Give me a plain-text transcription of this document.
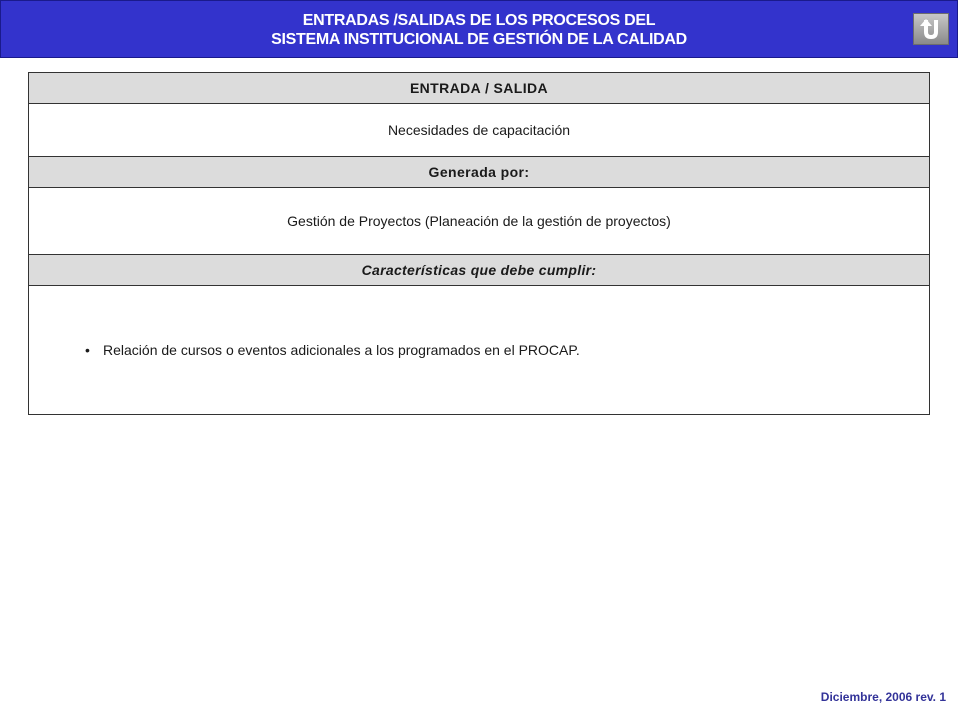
ENTRADAS /SALIDAS DE LOS PROCESOS DEL
SISTEMA INSTITUCIONAL DE GESTIÓN DE LA CALIDAD
ENTRADA / SALIDA
Necesidades de capacitación
Generada por:
Gestión de Proyectos (Planeación de la gestión de proyectos)
Características que debe cumplir:
• Relación de cursos o eventos adicionales a los programados en el PROCAP.
Diciembre, 2006 rev. 1
